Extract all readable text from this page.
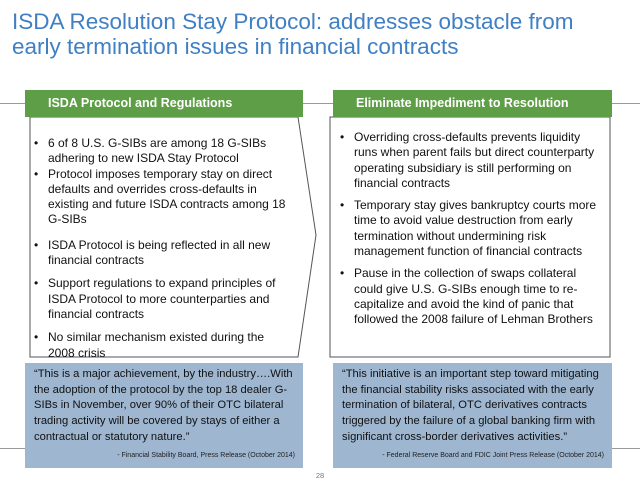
ISDA Resolution Stay Protocol: addresses obstacle from
early termination issues in financial contracts
ISDA Protocol and Regulations	Eliminate Impediment to Resolution
• 6 of 8 U.S. G-SIBs are among 18 G-SIBs adhering to new ISDA Stay Protocol
• Protocol imposes temporary stay on direct defaults and overrides cross-defaults in existing and future ISDA contracts among 18 G-SIBs
• ISDA Protocol is being reflected in all new financial contracts
• Support regulations to expand principles of ISDA Protocol to more counterparties and financial contracts
• No similar mechanism existed during the 2008 crisis
• Overriding cross-defaults prevents liquidity runs when parent fails but direct counterparty operating subsidiary is still performing on financial contracts
• Temporary stay gives bankruptcy courts more time to avoid value destruction from early termination without undermining risk management function of financial contracts
• Pause in the collection of swaps collateral could give U.S. G-SIBs enough time to re-capitalize and avoid the kind of panic that followed the 2008 failure of Lehman Brothers
“This is a major achievement, by the industry….With the adoption of the protocol by the top 18 dealer G-SIBs in November, over 90% of their OTC bilateral trading activity will be covered by stays of either a contractual or statutory nature.”
- Financial Stability Board, Press Release (October 2014)
“This initiative is an important step toward mitigating the financial stability risks associated with the early termination of bilateral, OTC derivatives contracts triggered by the failure of a global banking firm with significant cross-border derivatives activities.”
- Federal Reserve Board and FDIC Joint Press Release (October 2014)
28
